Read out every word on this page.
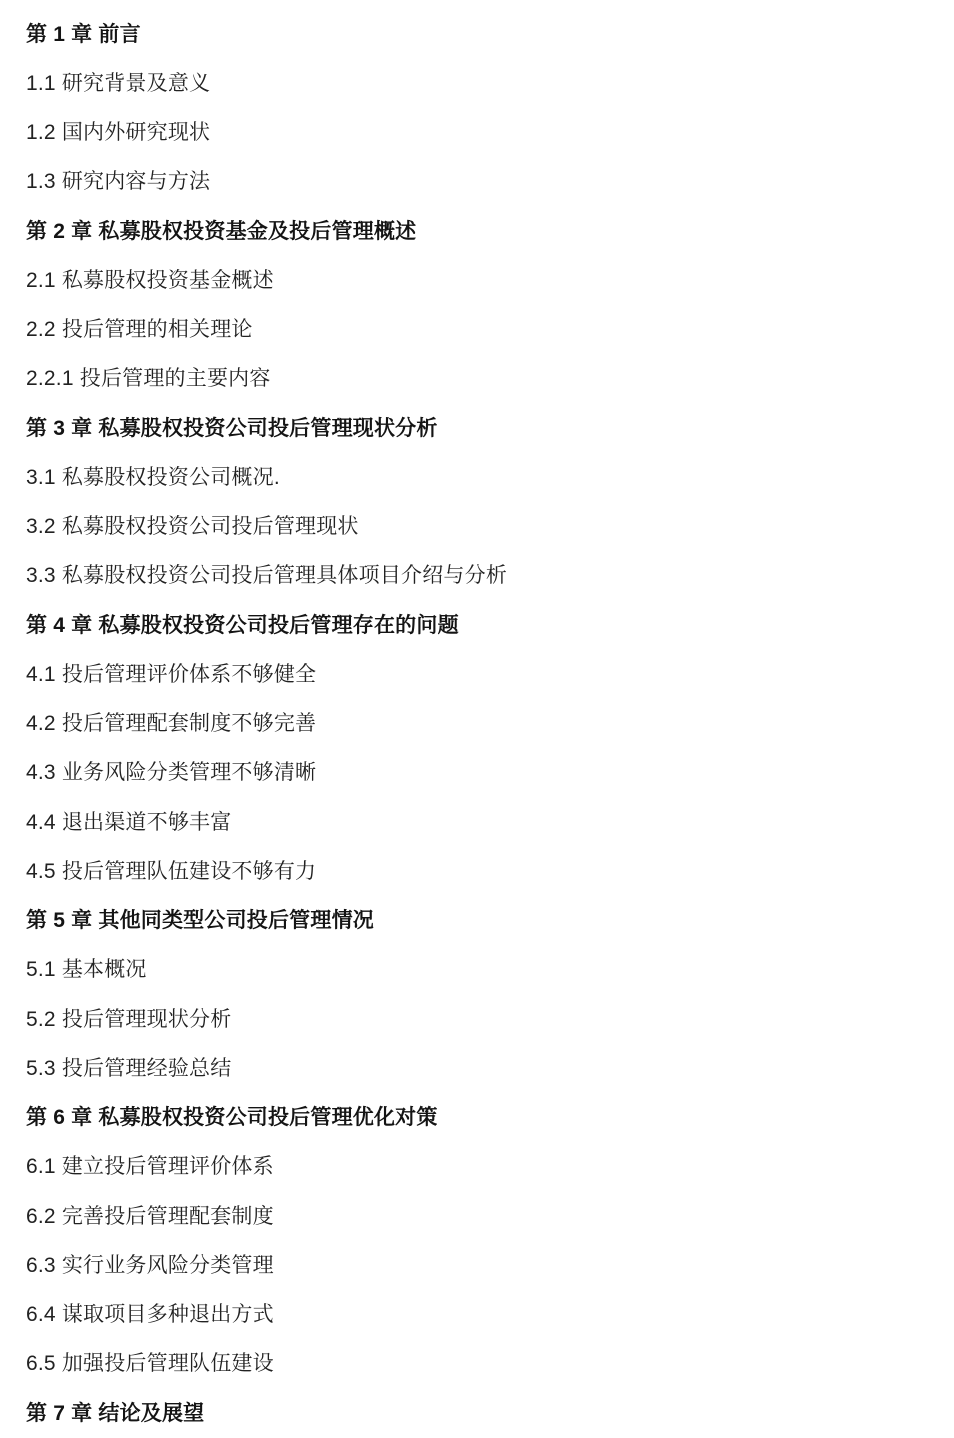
第 1 章 前言
1.1 研究背景及意义
1.2 国内外研究现状
1.3 研究内容与方法
第 2 章 私募股权投资基金及投后管理概述
2.1 私募股权投资基金概述
2.2 投后管理的相关理论
2.2.1 投后管理的主要内容
第 3 章 私募股权投资公司投后管理现状分析
3.1 私募股权投资公司概况.
3.2 私募股权投资公司投后管理现状
3.3 私募股权投资公司投后管理具体项目介绍与分析
第 4 章 私募股权投资公司投后管理存在的问题
4.1 投后管理评价体系不够健全
4.2 投后管理配套制度不够完善
4.3 业务风险分类管理不够清晰
4.4 退出渠道不够丰富
4.5 投后管理队伍建设不够有力
第 5 章 其他同类型公司投后管理情况
5.1 基本概况
5.2 投后管理现状分析
5.3 投后管理经验总结
第 6 章 私募股权投资公司投后管理优化对策
6.1 建立投后管理评价体系
6.2 完善投后管理配套制度
6.3 实行业务风险分类管理
6.4 谋取项目多种退出方式
6.5 加强投后管理队伍建设
第 7 章 结论及展望
